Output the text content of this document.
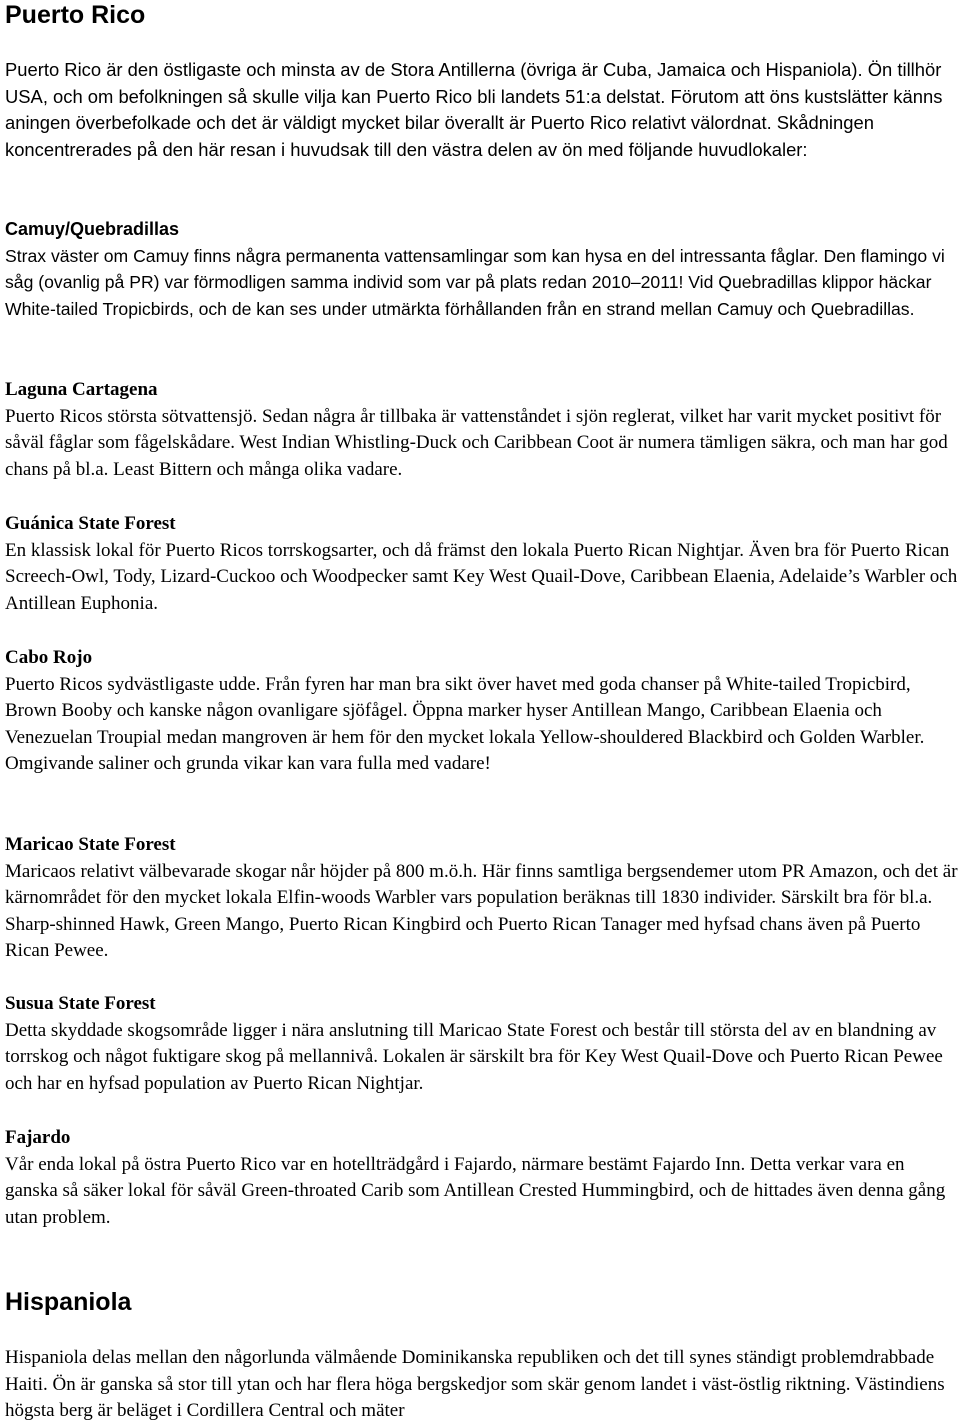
Puerto Rico

Puerto Rico är den östligaste och minsta av de Stora Antillerna (övriga är Cuba, Jamaica och Hispaniola). Ön tillhör USA, och om befolkningen så skulle vilja kan Puerto Rico bli landets 51:a delstat. Förutom att öns kustslätter känns aningen överbefolkade och det är väldigt mycket bilar överallt är Puerto Rico relativt välordnat. Skådningen koncentrerades på den här resan i huvudsak till den västra delen av ön med följande huvudlokaler:

Camuy/Quebradillas

Strax väster om Camuy finns några permanenta vattensamlingar som kan hysa en del intressanta fåglar. Den flamingo vi såg (ovanlig på PR) var förmodligen samma individ som var på plats redan 2010–2011! Vid Quebradillas klippor häckar White-tailed Tropicbirds, och de kan ses under utmärkta förhållanden från en strand mellan Camuy och Quebradillas.

Laguna Cartagena

Puerto Ricos största sötvattensjö. Sedan några år tillbaka är vattenståndet i sjön reglerat, vilket har varit mycket positivt för såväl fåglar som fågelskådare. West Indian Whistling-Duck och Caribbean Coot är numera tämligen säkra, och man har god chans på bl.a. Least Bittern och många olika vadare.

Guánica State Forest

En klassisk lokal för Puerto Ricos torrskogsarter, och då främst den lokala Puerto Rican Nightjar. Även bra för Puerto Rican Screech-Owl, Tody, Lizard-Cuckoo och Woodpecker samt Key West Quail-Dove, Caribbean Elaenia, Adelaide’s Warbler och Antillean Euphonia.

Cabo Rojo

Puerto Ricos sydvästligaste udde. Från fyren har man bra sikt över havet med goda chanser på White-tailed Tropicbird, Brown Booby och kanske någon ovanligare sjöfågel. Öppna marker hyser Antillean Mango, Caribbean Elaenia och Venezuelan Troupial medan mangroven är hem för den mycket lokala Yellow-shouldered Blackbird och Golden Warbler. Omgivande saliner och grunda vikar kan vara fulla med vadare!

Maricao State Forest

Maricaos relativt välbevarade skogar når höjder på 800 m.ö.h. Här finns samtliga bergsendemer utom PR Amazon, och det är kärnområdet för den mycket lokala Elfin-woods Warbler vars population beräknas till 1830 individer. Särskilt bra för bl.a. Sharp-shinned Hawk, Green Mango, Puerto Rican Kingbird och Puerto Rican Tanager med hyfsad chans även på Puerto Rican Pewee.

Susua State Forest

Detta skyddade skogsområde ligger i nära anslutning till Maricao State Forest och består till största del av en blandning av torrskog och något fuktigare skog på mellannivå. Lokalen är särskilt bra för Key West Quail-Dove och Puerto Rican Pewee och har en hyfsad population av Puerto Rican Nightjar.

Fajardo

Vår enda lokal på östra Puerto Rico var en hotellträdgård i Fajardo, närmare bestämt Fajardo Inn. Detta verkar vara en ganska så säker lokal för såväl Green-throated Carib som Antillean Crested Hummingbird, och de hittades även denna gång utan problem.

Hispaniola

Hispaniola delas mellan den någorlunda välmående Dominikanska republiken och det till synes ständigt problemdrabbade Haiti. Ön är ganska så stor till ytan och har flera höga bergskedjor som skär genom landet i väst-östlig riktning. Västindiens högsta berg är beläget i Cordillera Central och mäter
